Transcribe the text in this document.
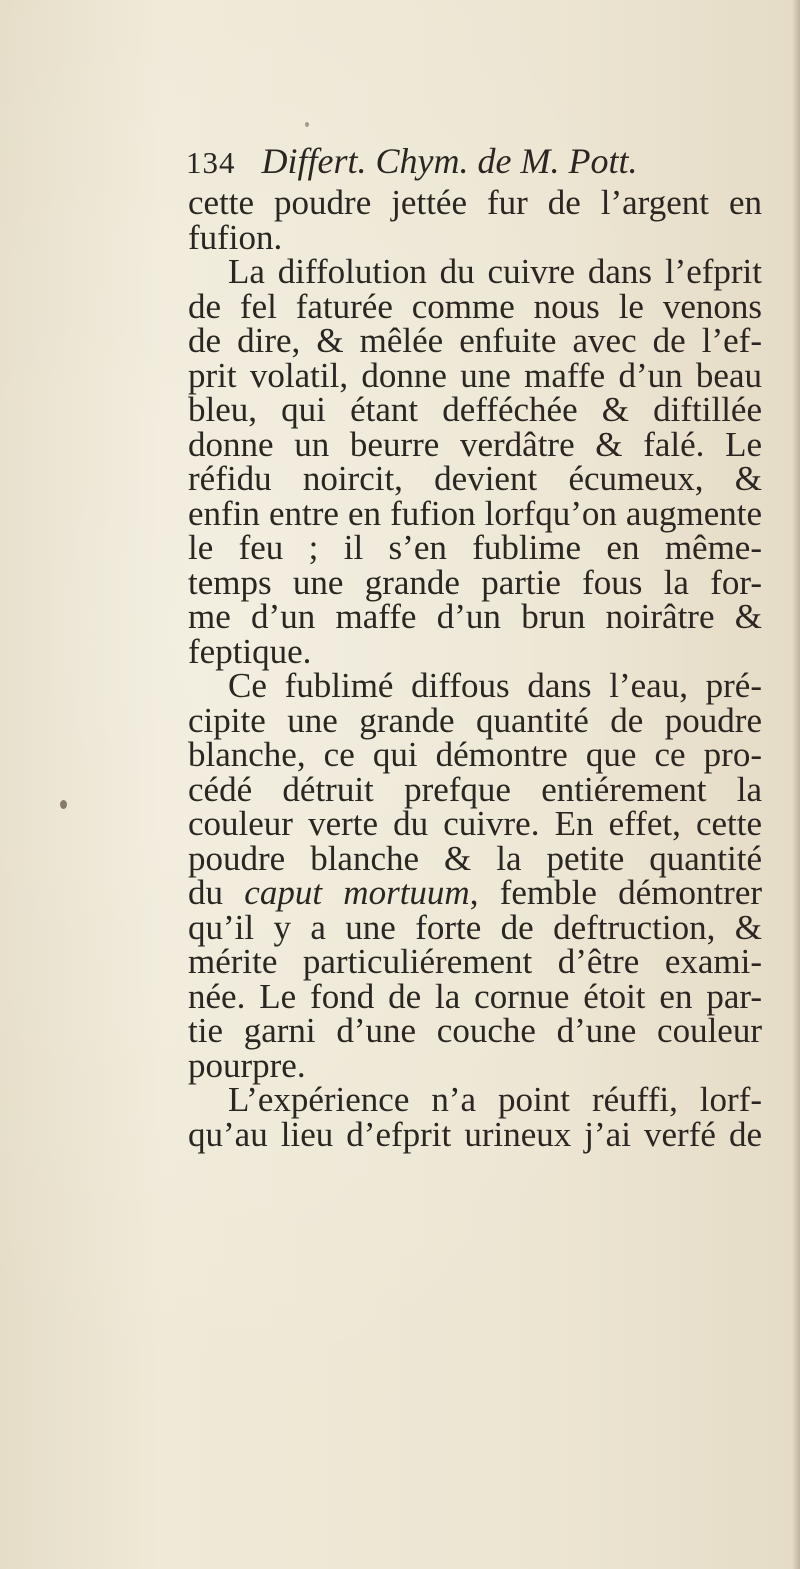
134 Differt. Chym. de M. Pott.
cette poudre jettée fur de l’argent en
fufion.
La diffolution du cuivre dans l’efprit
de fel faturée comme nous le venons
de dire, & mêlée enfuite avec de l’ef-
prit volatil, donne une maffe d’un beau
bleu, qui étant defféchée & diftillée
donne un beurre verdâtre & falé. Le
réfidu noircit, devient écumeux, &
enfin entre en fufion lorfqu’on augmente
le feu ; il s’en fublime en même-
temps une grande partie fous la for-
me d’un maffe d’un brun noirâtre &
feptique.
Ce fublimé diffous dans l’eau, pré-
cipite une grande quantité de poudre
blanche, ce qui démontre que ce pro-
cédé détruit prefque entiérement la
couleur verte du cuivre. En effet, cette
poudre blanche & la petite quantité
du caput mortuum, femble démontrer
qu’il y a une forte de deftruction, &
mérite particuliérement d’être exami-
née. Le fond de la cornue étoit en par-
tie garni d’une couche d’une couleur
pourpre.
L’expérience n’a point réuffi, lorf-
qu’au lieu d’efprit urineux j’ai verfé de
